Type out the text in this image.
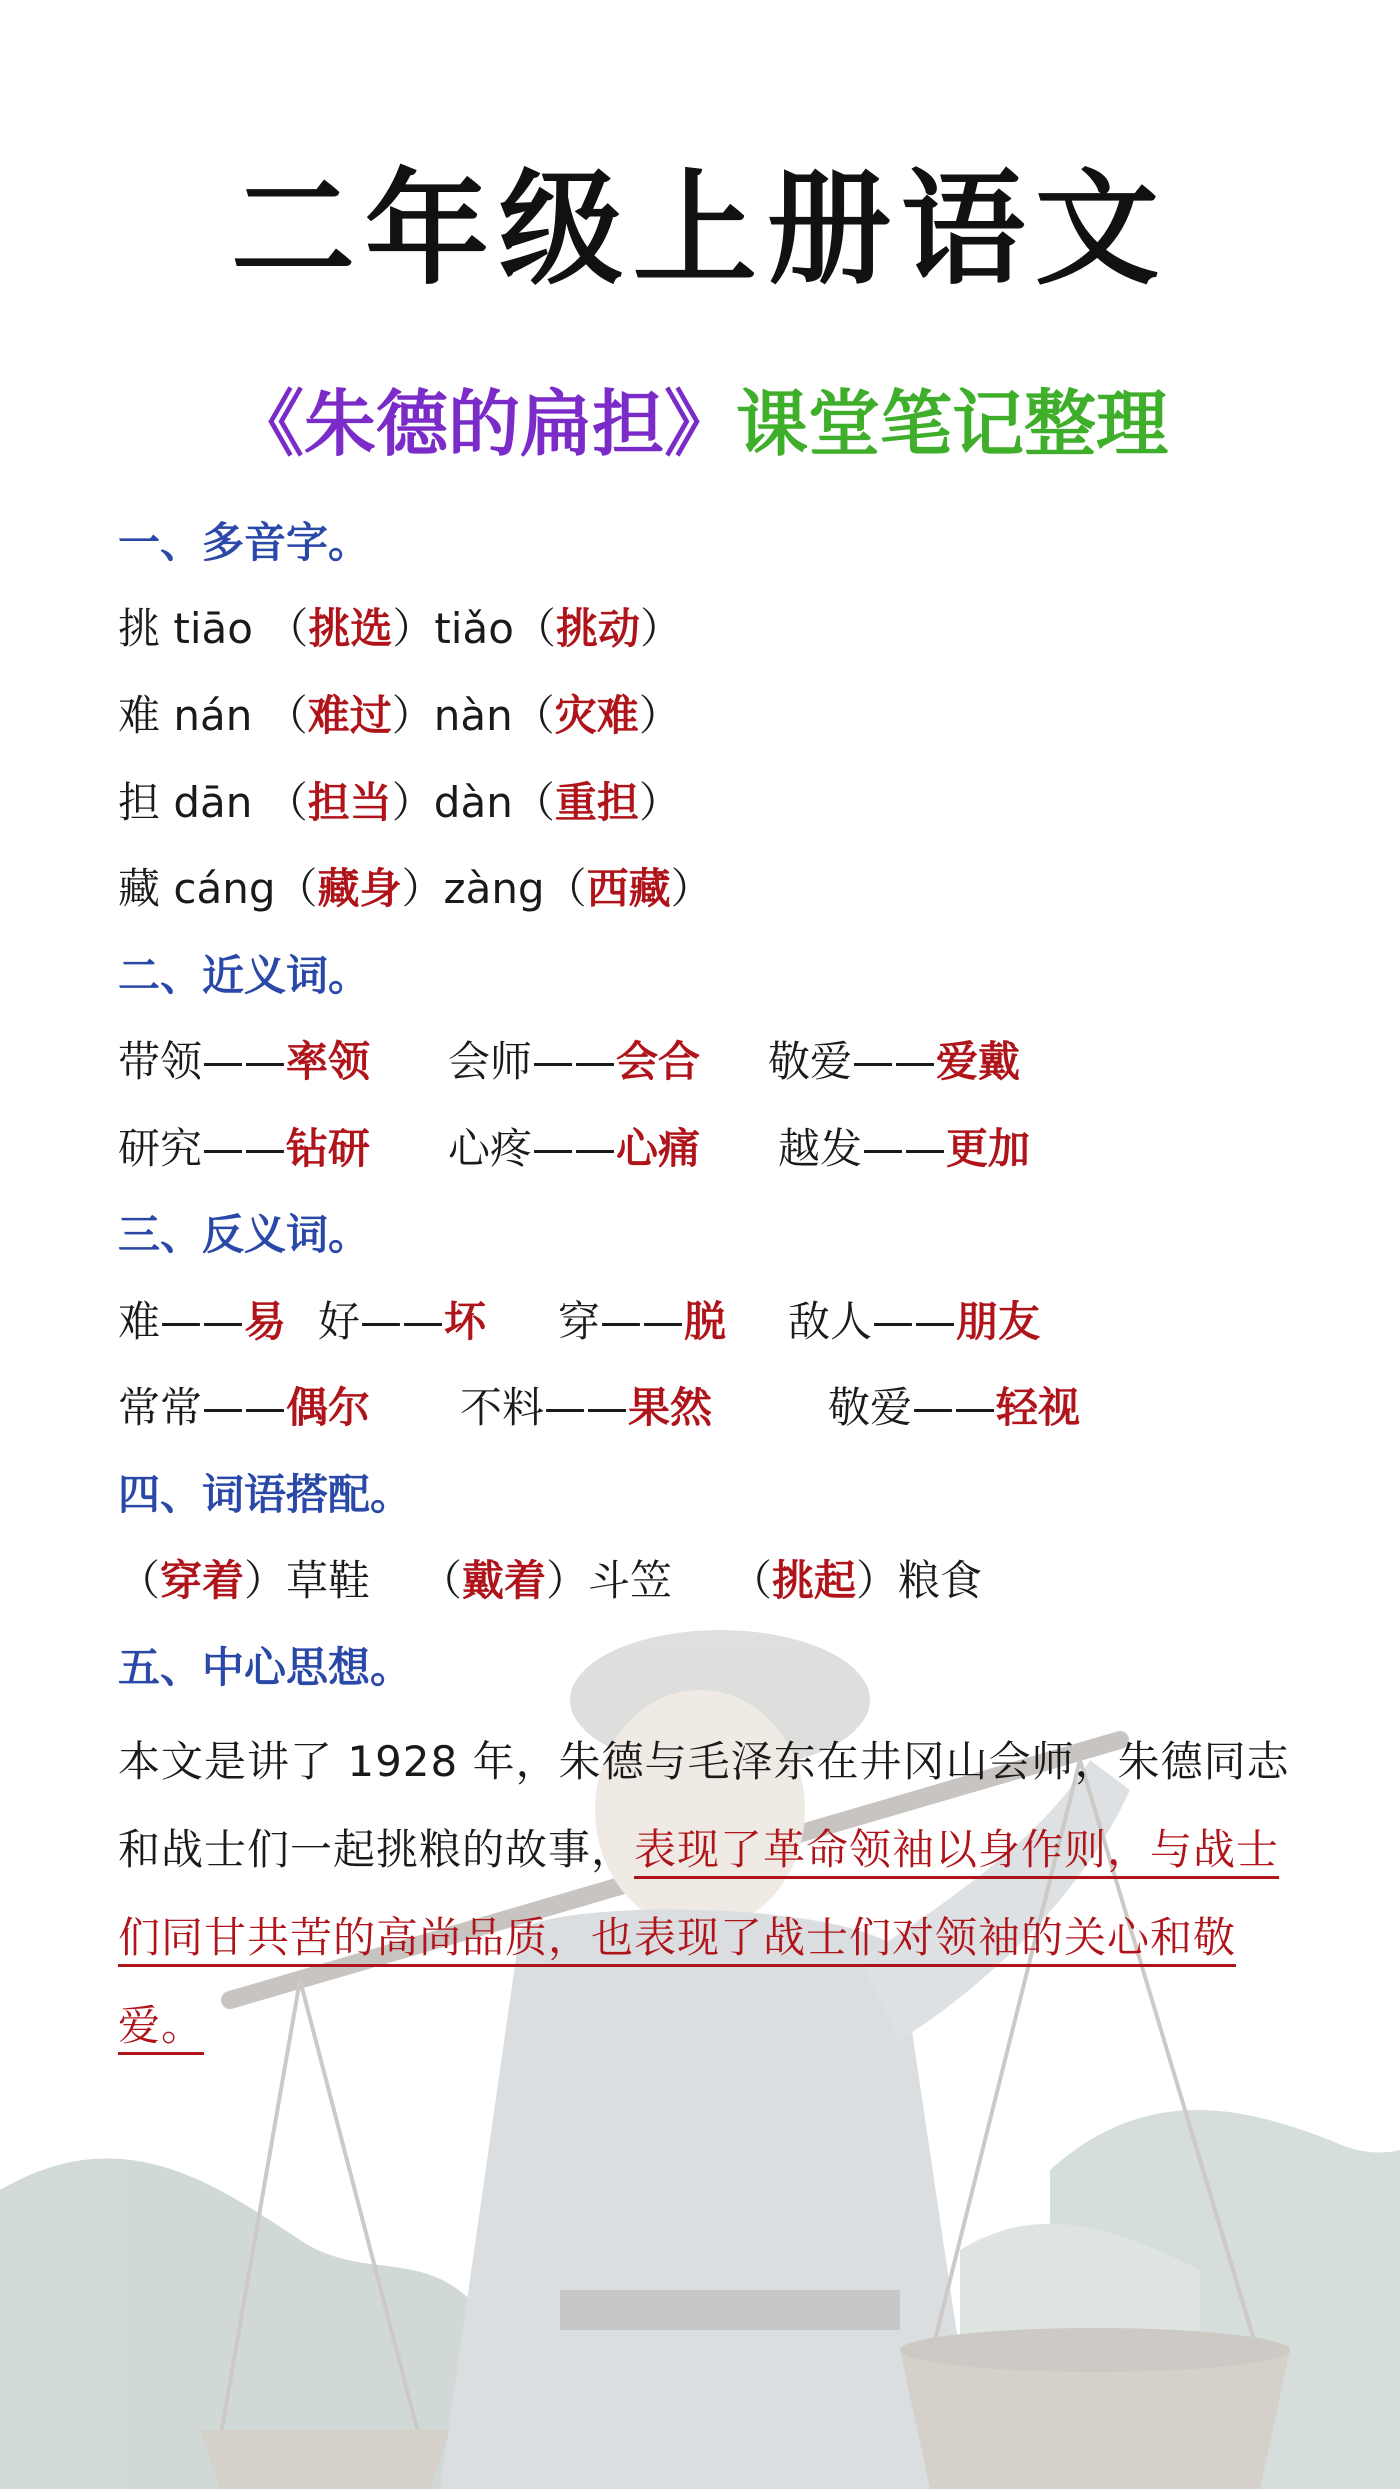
二年级上册语文
《朱德的扁担》课堂笔记整理
一、多音字。
挑 tiāo （挑选）tiǎo（挑动）
难 nán （难过）nàn（灾难）
担 dān （担当）dàn（重担）
藏 cáng（藏身）zàng（西藏）
二、近义词。
带领——率领 会师——会合 敬爱——爱戴
研究——钻研 心疼——心痛 越发——更加
三、反义词。
难——易 好——坏 穿——脱 敌人——朋友
常常——偶尔 不料——果然	敬爱——轻视
四、词语搭配。
（穿着）草鞋 （戴着）斗笠 （挑起）粮食
五、中心思想。
本文是讲了 1928 年，朱德与毛泽东在井冈山会师，朱德同志和战士们一起挑粮的故事，表现了革命领袖以身作则，与战士们同甘共苦的高尚品质，也表现了战士们对领袖的关心和敬爱。
